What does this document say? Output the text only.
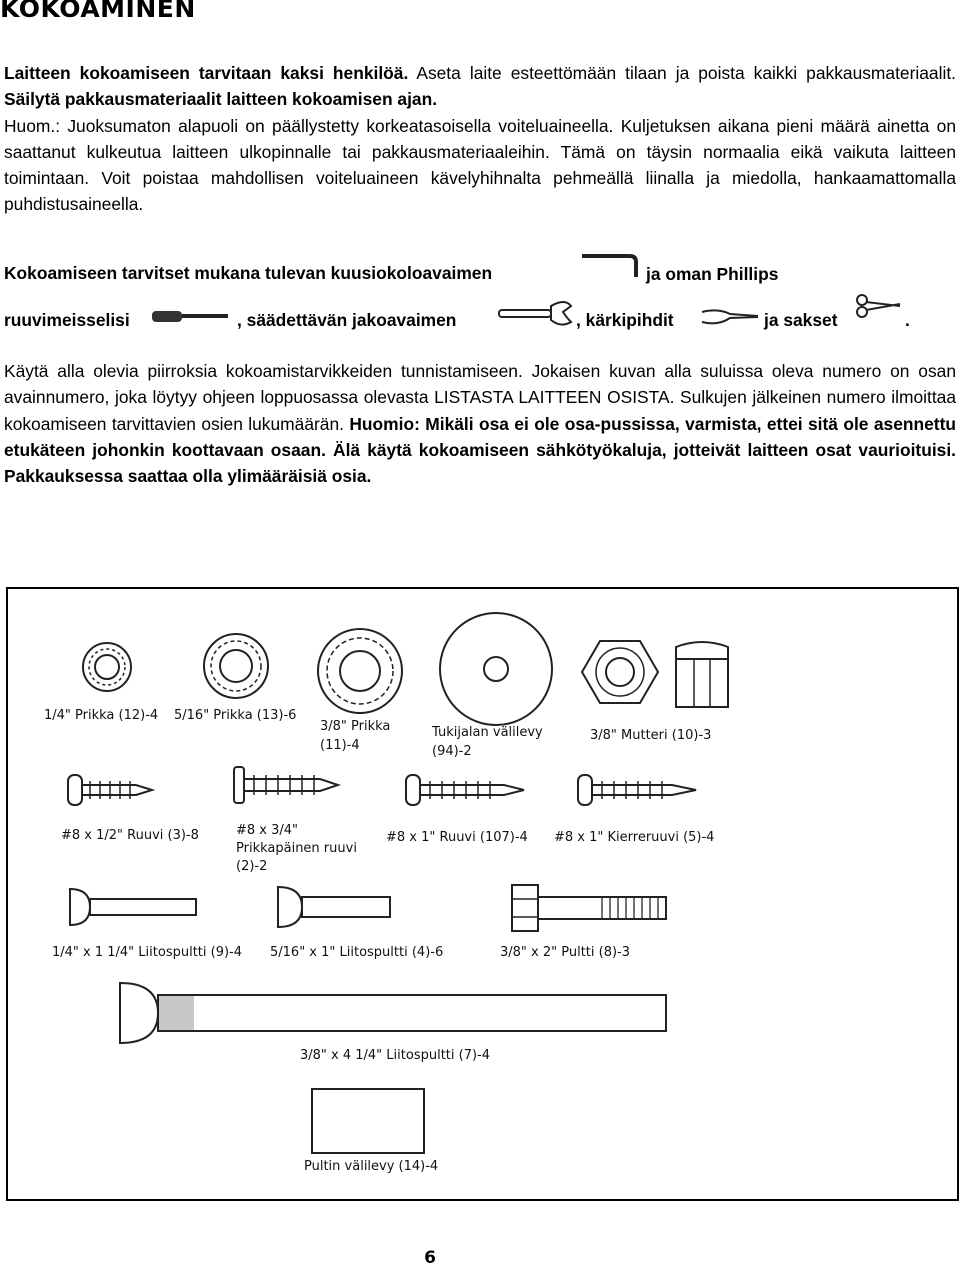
KOKOAMINEN

Laitteen kokoamiseen tarvitaan kaksi henkilöä. Aseta laite esteettömään tilaan ja poista kaikki pakkausmateriaalit. Säilytä pakkausmateriaalit laitteen kokoamisen ajan.
Huom.: Juoksumaton alapuoli on päällystetty korkeatasoisella voiteluaineella. Kuljetuksen aikana pieni määrä ainetta on saattanut kulkeutua laitteen ulkopinnalle tai pakkausmateriaaleihin. Tämä on täysin normaalia eikä vaikuta laitteen toimintaan. Voit poistaa mahdollisen voiteluaineen kävelyhihnalta pehmeällä liinalla ja miedolla, hankaamattomalla puhdistusaineella.

Kokoamiseen tarvitset mukana tulevan kuusiokoloavaimen	ja oman Phillips
ruuvimeisselisi	, säädettävän jakoavaimen	, kärkipihdit	ja sakset	.

Käytä alla olevia piirroksia kokoamistarvikkeiden tunnistamiseen. Jokaisen kuvan alla suluissa oleva numero on osan avainnumero, joka löytyy ohjeen loppuosassa olevasta LISTASTA LAITTEEN OSISTA. Sulkujen jälkeinen numero ilmoittaa kokoamiseen tarvittavien osien lukumäärän. Huomio: Mikäli osa ei ole osa-pussissa, varmista, ettei sitä ole asennettu etukäteen johonkin koottavaan osaan. Älä käytä kokoamiseen sähkötyökaluja, jotteivät laitteen osat vaurioituisi. Pakkauksessa saattaa olla ylimääräisiä osia.

1/4" Prikka (12)-4 5/16" Prikka (13)-6
3/8" Prikka
(11)-4
Tukijalan välilevy
(94)-2
3/8" Mutteri (10)-3
#8 x 1/2" Ruuvi (3)-8	#8 x 3/4"
Prikkapäinen ruuvi
(2)-2
#8 x 1" Ruuvi (107)-4 #8 x 1" Kierreruuvi (5)-4
1/4" x 1 1/4" Liitospultti (9)-4 5/16" x 1" Liitospultti (4)-6	3/8" x 2" Pultti (8)-3
3/8" x 4 1/4" Liitospultti (7)-4
Pultin välilevy (14)-4
6
